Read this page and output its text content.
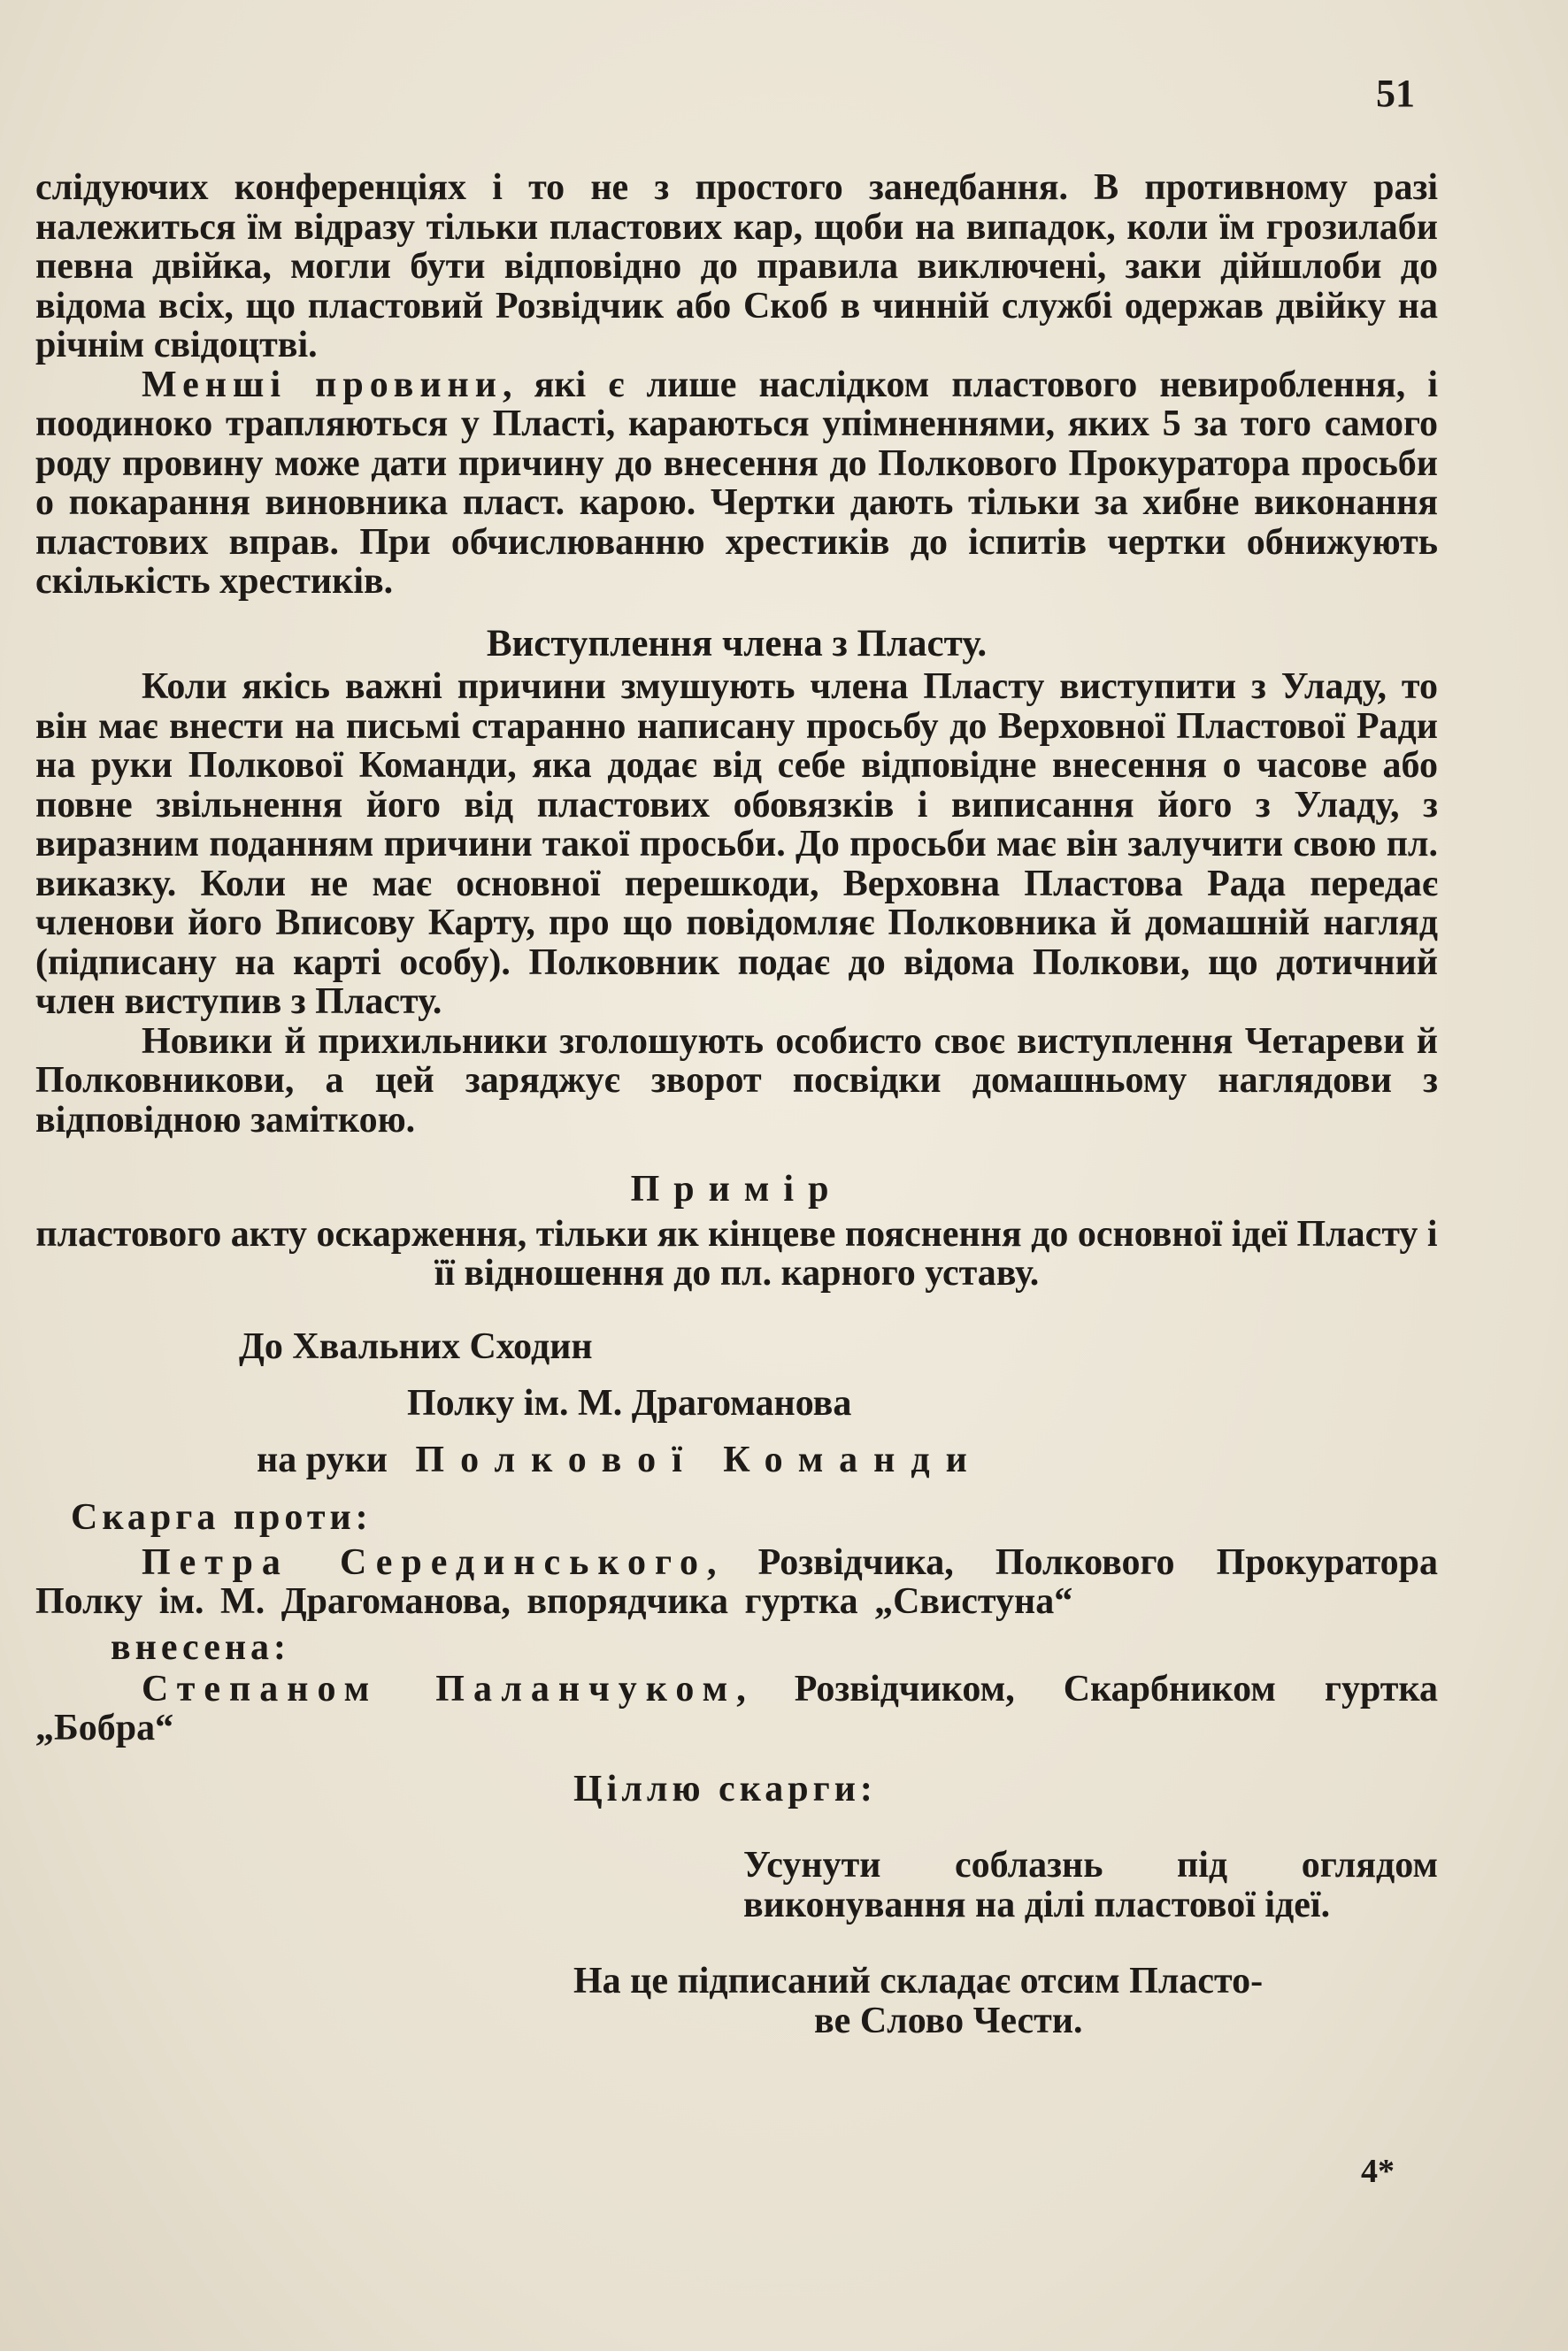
51

слідуючих конференціях і то не з простого занедбання. В противному разі належиться їм відразу тільки пластових кар, щоби на випадок, коли їм грозилаби певна двійка, могли бути відповідно до правила виключені, заки дійшлоби до відома всіх, що пластовий Розвідчик або Скоб в чинній службі одержав двійку на річнім свідоцтві.

Менші провини, які є лише наслідком пластового невироблення, і поодиноко трапляються у Пласті, караються упімненнями, яких 5 за того самого роду провину може дати причину до внесення до Полкового Прокуратора просьби о покарання виновника пласт. карою. Чертки дають тільки за хибне виконання пластових вправ. При обчислюванню хрестиків до іспитів чертки обнижують скількість хрестиків.

Виступлення члена з Пласту.

Коли якісь важні причини змушують члена Пласту виступити з Уладу, то він має внести на письмі старанно написану просьбу до Верховної Пластової Ради на руки Полкової Команди, яка додає від себе відповідне внесення о часове або повне звільнення його від пластових обовязків і виписання його з Уладу, з виразним поданням причини такої просьби. До просьби має він залучити свою пл. виказку. Коли не має основної перешкоди, Верховна Пластова Рада передає членови його Вписову Карту, про що повідомляє Полковника й домашній нагляд (підписану на карті особу). Полковник подає до відома Полкови, що дотичний член виступив з Пласту.

Новики й прихильники зголошують особисто своє виступлення Четареви й Полковникови, а цей заряджує зворот посвідки домашньому наглядови з відповідною заміткою.

Примір

пластового акту оскарження, тільки як кінцеве пояснення до основної ідеї Пласту і її відношення до пл. карного уставу.

До Хвальних Сходин

Полку ім. М. Драгоманова

на руки Полкової Команди

Скарга проти:

Петра Серединського, Розвідчика, Полкового Прокуратора Полку ім. М. Драгоманова, впорядчика гуртка „Свистуна“

внесена:

Степаном Паланчуком, Розвідчиком, Скарбником гуртка „Бобра“

Ціллю скарги:

Усунути соблазнь під оглядом виконування на ділі пластової ідеї.

На це підписаний складає отсим Пласто-

ве Слово Чести.

4*
